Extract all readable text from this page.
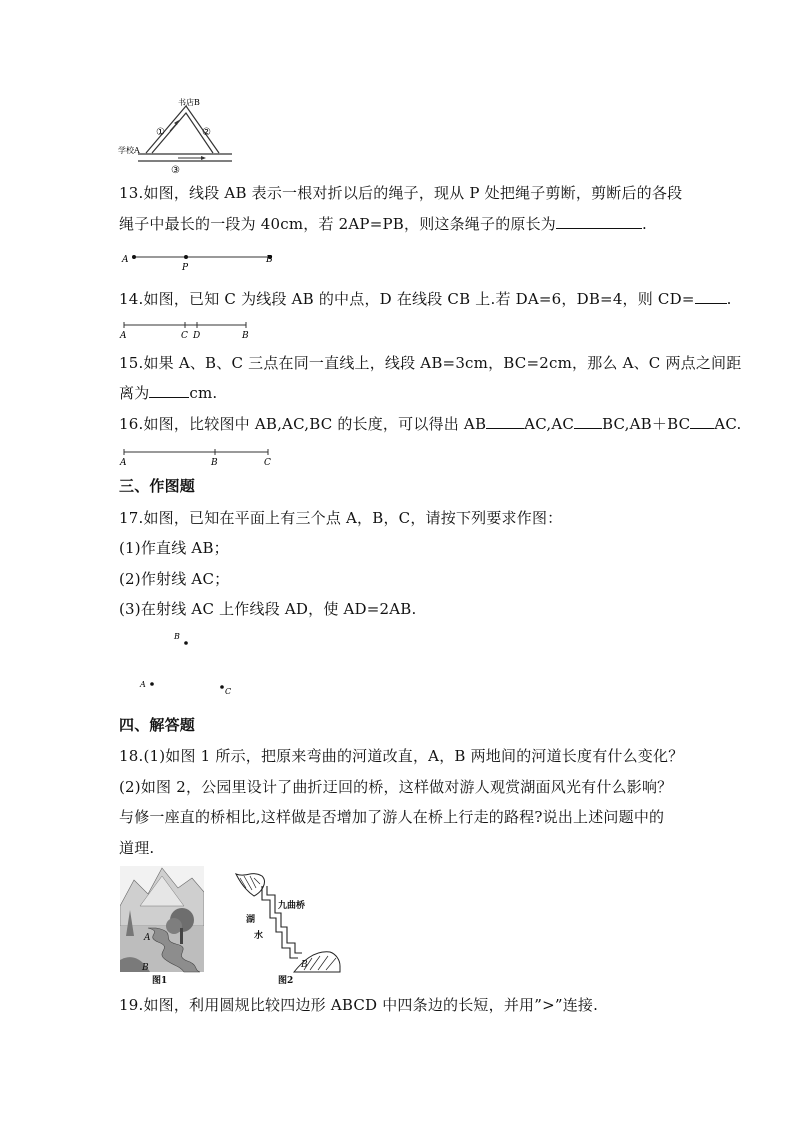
书店B
学校A
①	②
③
13.如图，线段 AB 表示一根对折以后的绳子，现从 P 处把绳子剪断，剪断后的各段
绳子中最长的一段为 40cm，若 2AP=PB，则这条绳子的原长为	.
A
P
B
14.如图，已知 C 为线段 AB 的中点，D 在线段 CB 上.若 DA=6，DB=4，则 CD= .
A	C D	B
15.如果 A、B、C 三点在同一直线上，线段 AB=3cm，BC=2cm，那么 A、C 两点之间距
离为	cm.
16.如图，比较图中 AB,AC,BC 的长度，可以得出 AB	AC,AC BC,AB＋BC AC.
A	B	C
三、作图题
17.如图，已知在平面上有三个点 A，B，C，请按下列要求作图：
(1)作直线 AB；
(2)作射线 AC；
(3)在射线 AC 上作线段 AD，使 AD=2AB.
B
A
C
四、解答题
18.(1)如图 1 所示，把原来弯曲的河道改直，A，B 两地间的河道长度有什么变化？
(2)如图 2，公园里设计了曲折迂回的桥，这样做对游人观赏湖面风光有什么影响？
与修一座直的桥相比,这样做是否增加了游人在桥上行走的路程?说出上述问题中的
道理.
A
B
图1
九曲桥
湖
水
B
图2
19.如图，利用圆规比较四边形 ABCD 中四条边的长短，并用”>”连接.
